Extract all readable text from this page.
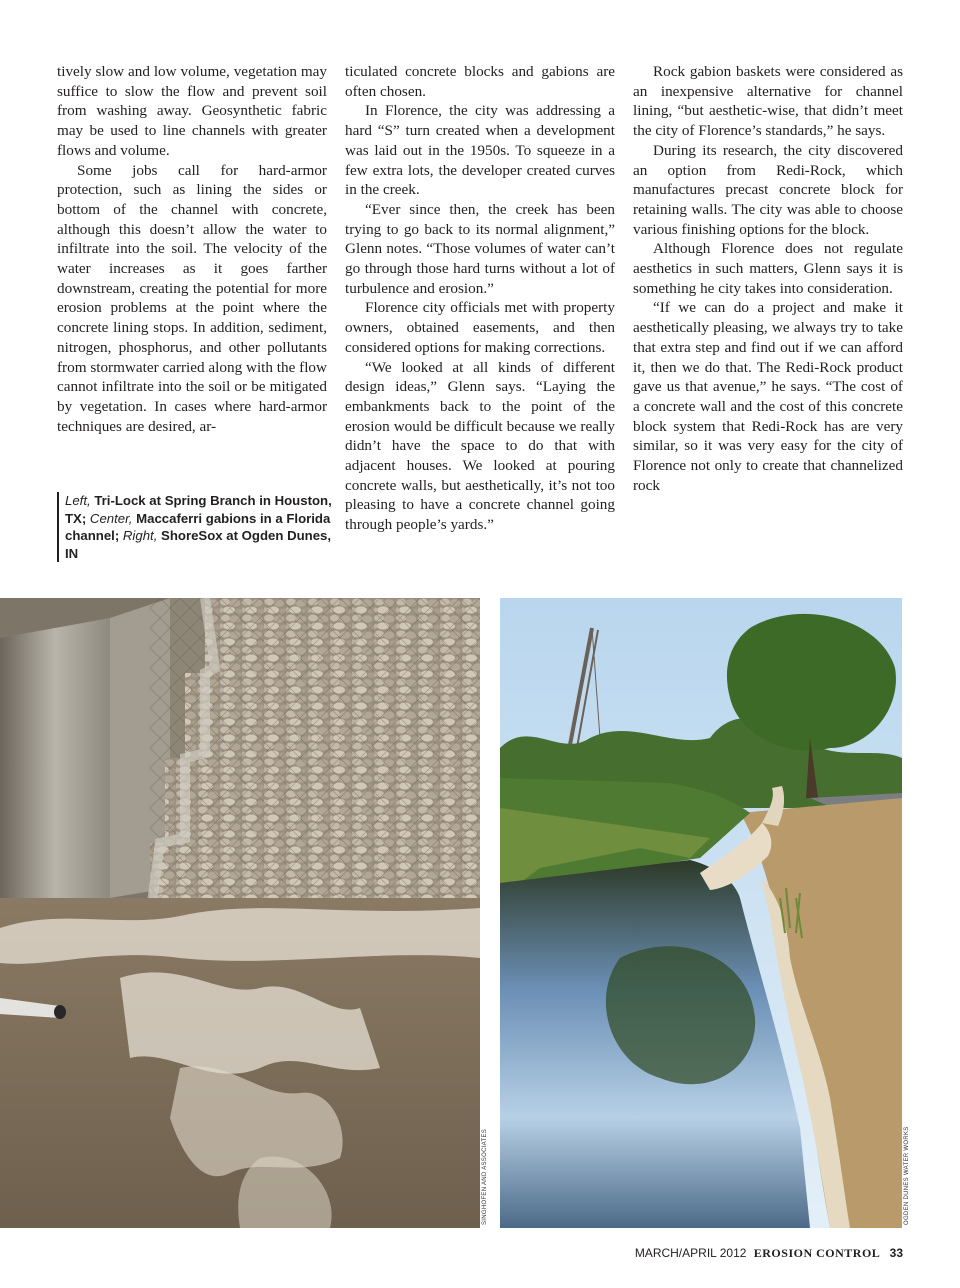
tively slow and low volume, vegetation may suffice to slow the flow and prevent soil from washing away. Geosynthetic fabric may be used to line channels with greater flows and volume.

Some jobs call for hard-armor protection, such as lining the sides or bottom of the channel with concrete, although this doesn’t allow the water to infiltrate into the soil. The velocity of the water increases as it goes farther downstream, creating the potential for more erosion problems at the point where the concrete lining stops. In addition, sediment, nitrogen, phosphorus, and other pollutants from stormwater carried along with the flow cannot infiltrate into the soil or be mitigated by vegetation. In cases where hard-armor techniques are desired, ar-

Left, Tri-Lock at Spring Branch in Houston, TX; Center, Maccaferri gabions in a Florida channel; Right, ShoreSox at Ogden Dunes, IN

ticulated concrete blocks and gabions are often chosen.

In Florence, the city was addressing a hard “S” turn created when a development was laid out in the 1950s. To squeeze in a few extra lots, the developer created curves in the creek.

“Ever since then, the creek has been trying to go back to its normal alignment,” Glenn notes. “Those volumes of water can’t go through those hard turns without a lot of turbulence and erosion.”

Florence city officials met with property owners, obtained easements, and then considered options for making corrections.

“We looked at all kinds of different design ideas,” Glenn says. “Laying the embankments back to the point of the erosion would be difficult because we really didn’t have the space to do that with adjacent houses. We looked at pouring concrete walls, but aesthetically, it’s not too pleasing to have a concrete channel going through people’s yards.”

Rock gabion baskets were considered as an inexpensive alternative for channel lining, “but aesthetic-wise, that didn’t meet the city of Florence’s standards,” he says.

During its research, the city discovered an option from Redi-Rock, which manufactures precast concrete block for retaining walls. The city was able to choose various finishing options for the block.

Although Florence does not regulate aesthetics in such matters, Glenn says it is something he city takes into consideration.

“If we can do a project and make it aesthetically pleasing, we always try to take that extra step and find out if we can afford it, then we do that. The Redi-Rock product gave us that avenue,” he says. “The cost of a concrete wall and the cost of this concrete block system that Redi-Rock has are very similar, so it was very easy for the city of Florence not only to create that channelized rock

SINGHOFEN AND ASSOCIATES	OGDEN DUNES WATER WORKS
MARCH/APRIL 2012 EROSION CONTROL 33
